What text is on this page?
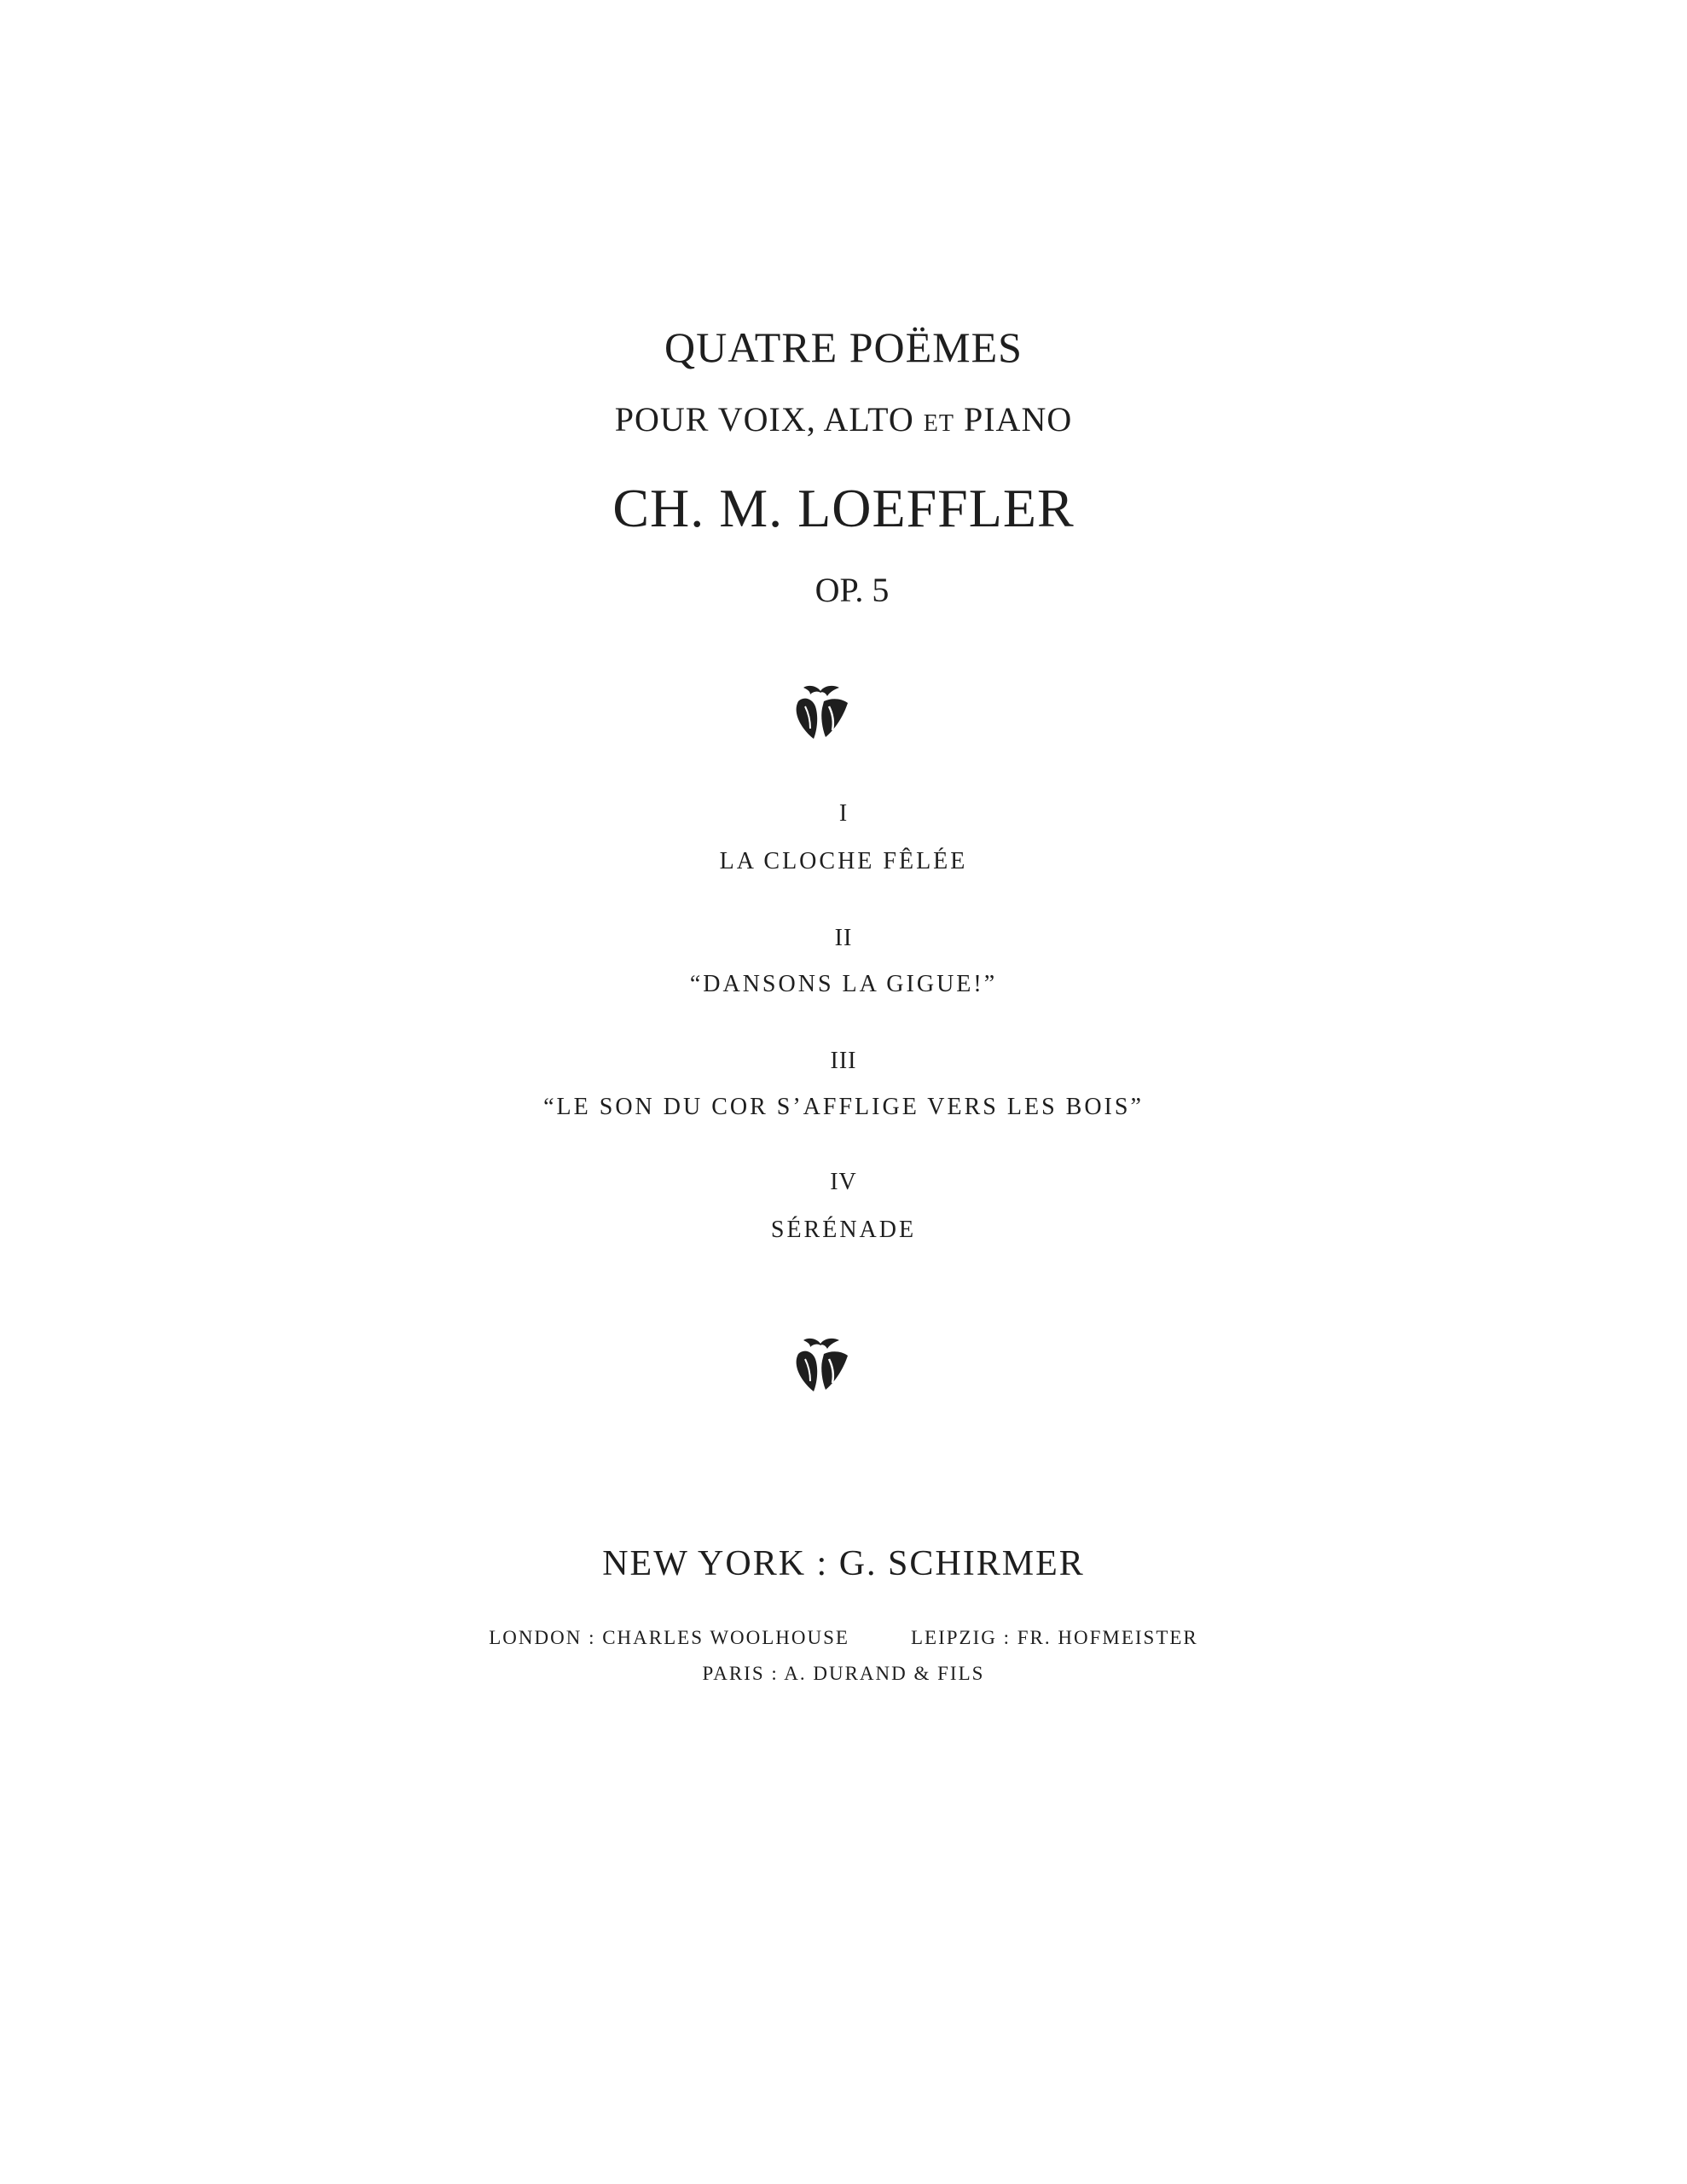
QUATRE POËMES
POUR VOIX, ALTO ET PIANO
CH. M. LOEFFLER
OP. 5
I
LA CLOCHE FÊLÉE
II
“DANSONS LA GIGUE!”
III
“LE SON DU COR S’AFFLIGE VERS LES BOIS”
IV
SÉRÉNADE
NEW YORK : G. SCHIRMER
LONDON : CHARLES WOOLHOUSE	LEIPZIG : FR. HOFMEISTER
PARIS : A. DURAND & FILS
